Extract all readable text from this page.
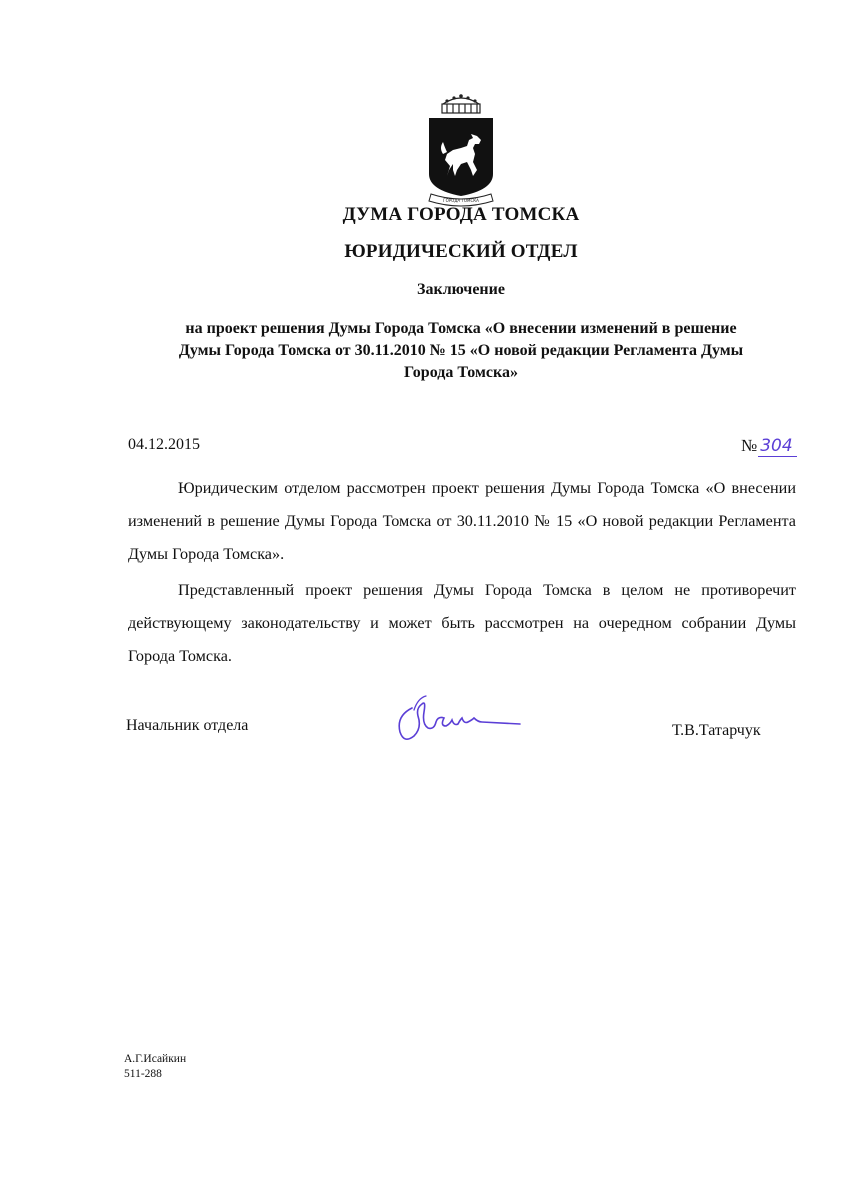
ГОРОДА ТОМСКА
ДУМА ГОРОДА ТОМСКА
ЮРИДИЧЕСКИЙ ОТДЕЛ
Заключение
на проект решения Думы Города Томска «О внесении изменений в решение
Думы Города Томска от 30.11.2010 № 15 «О новой редакции Регламента Думы
Города Томска»
04.12.2015	№ 304

Юридическим отделом рассмотрен проект решения Думы Города Томска «О внесении изменений в решение Думы Города Томска от 30.11.2010 № 15 «О новой редакции Регламента Думы Города Томска».

Представленный проект решения Думы Города Томска в целом не противоречит действующему законодательству и может быть рассмотрен на очередном собрании Думы Города Томска.

Начальник отдела	Т.В.Татарчук
А.Г.Исайкин
511-288
